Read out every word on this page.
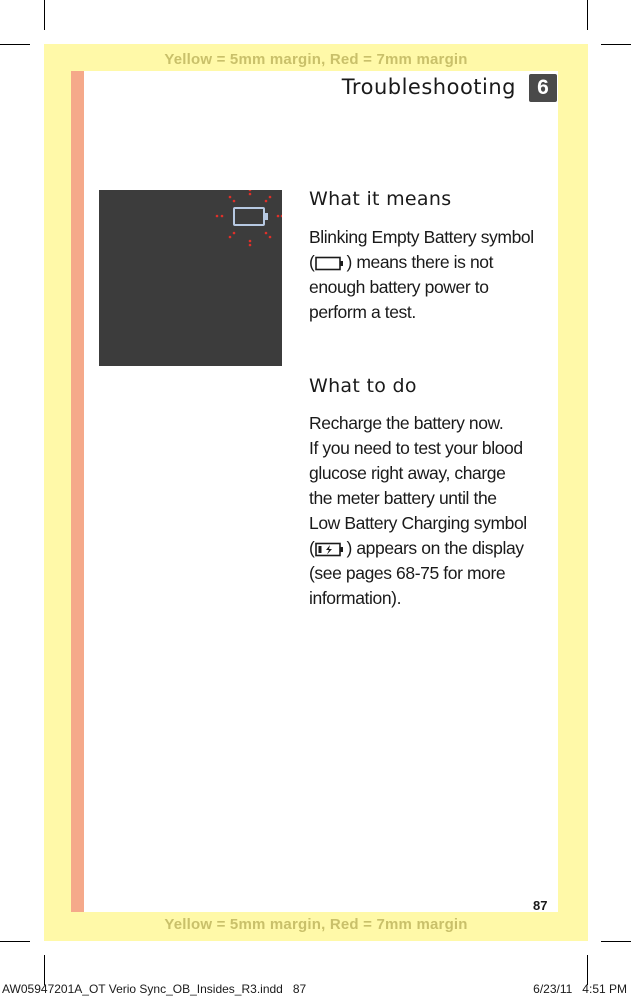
Yellow = 5mm margin, Red = 7mm margin
Yellow = 5mm margin, Red = 7mm margin
Troubleshooting	6
What it means
Blinking Empty Battery symbol
( ) means there is not
enough battery power to
perform a test.
What to do
Recharge the battery now.
If you need to test your blood
glucose right away, charge
the meter battery until the
Low Battery Charging symbol
( ) appears on the display
(see pages 68-75 for more
information).
87
AW05947201A_OT Verio Sync_OB_Insides_R3.indd   87	6/23/11   4:51 PM
